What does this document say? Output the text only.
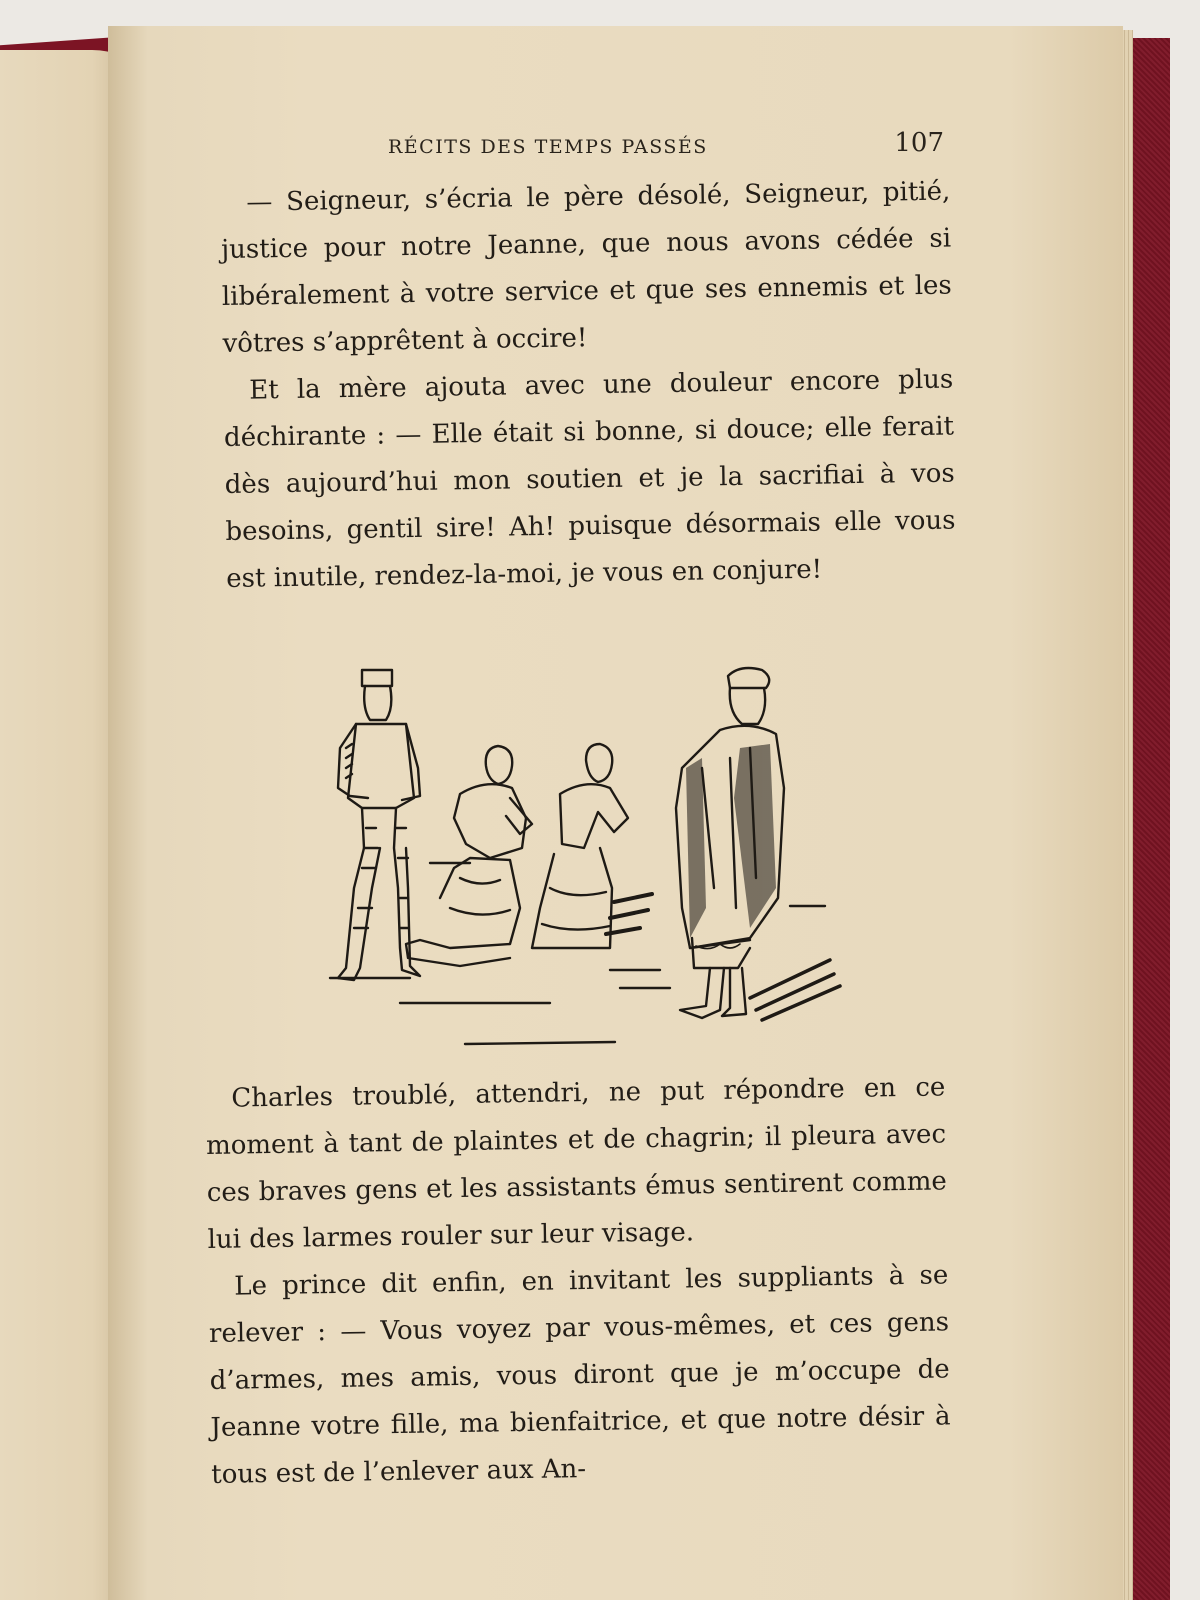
RÉCITS DES TEMPS PASSÉS	107

— Seigneur, s’écria le père désolé, Seigneur, pitié, justice pour notre Jeanne, que nous avons cédée si libéralement à votre service et que ses ennemis et les vôtres s’apprêtent à occire!

Et la mère ajouta avec une douleur encore plus déchirante : — Elle était si bonne, si douce; elle ferait dès aujourd’hui mon soutien et je la sacrifiai à vos besoins, gentil sire! Ah! puisque désormais elle vous est inutile, rendez-la-moi, je vous en conjure!

Charles troublé, attendri, ne put répondre en ce moment à tant de plaintes et de chagrin; il pleura avec ces braves gens et les assistants émus sentirent comme lui des larmes rouler sur leur visage.

Le prince dit enfin, en invitant les suppliants à se relever : — Vous voyez par vous-mêmes, et ces gens d’armes, mes amis, vous diront que je m’occupe de Jeanne votre fille, ma bienfaitrice, et que notre désir à tous est de l’enlever aux An-
